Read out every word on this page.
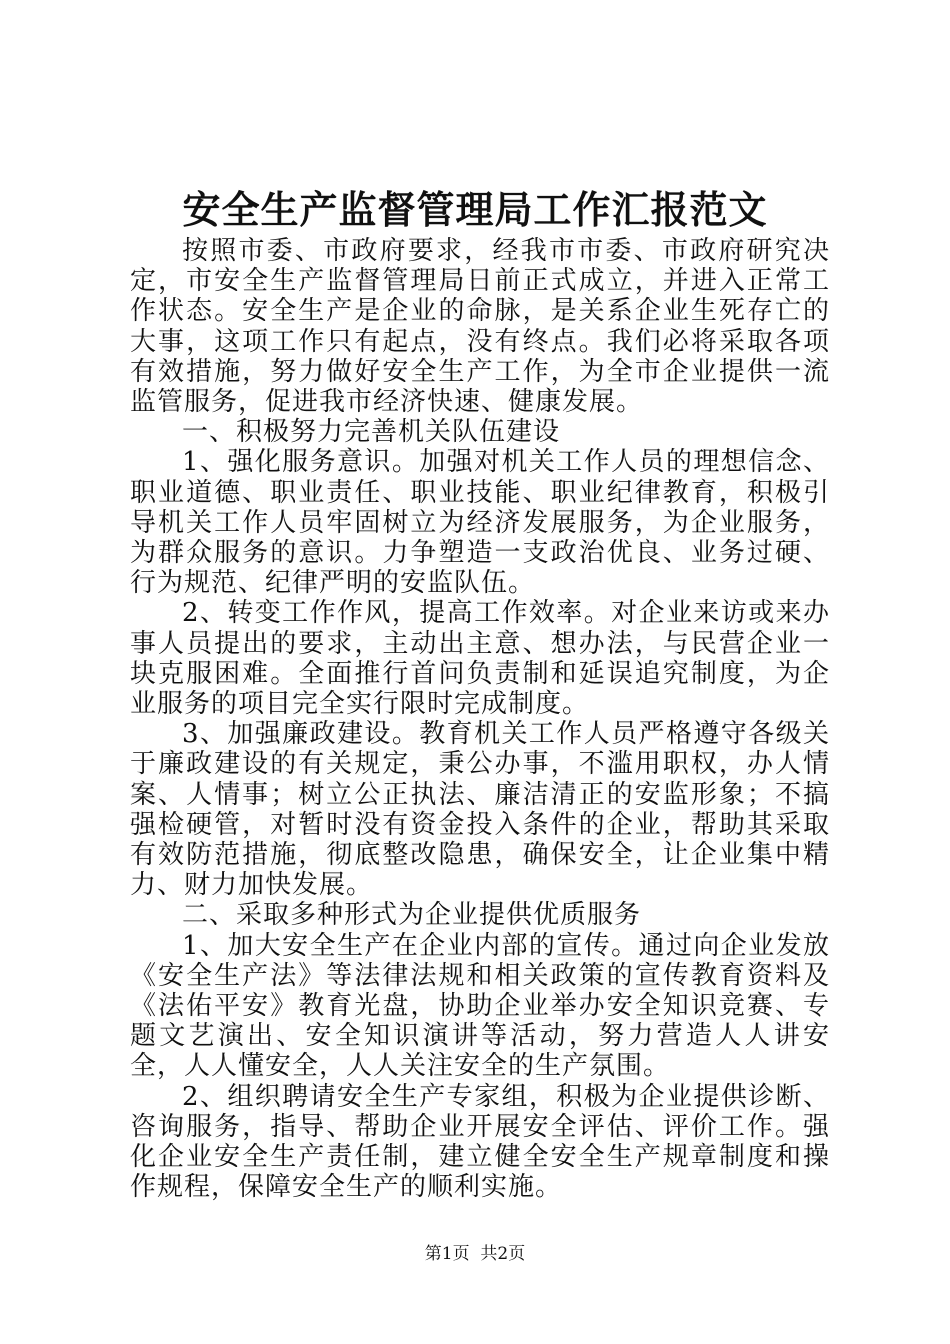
安全生产监督管理局工作汇报范文

按照市委、市政府要求，经我市市委、市政府研究决定，市安全生产监督管理局日前正式成立，并进入正常工作状态。安全生产是企业的命脉，是关系企业生死存亡的大事，这项工作只有起点，没有终点。我们必将采取各项有效措施，努力做好安全生产工作，为全市企业提供一流监管服务，促进我市经济快速、健康发展。

一、积极努力完善机关队伍建设

1、强化服务意识。加强对机关工作人员的理想信念、职业道德、职业责任、职业技能、职业纪律教育，积极引导机关工作人员牢固树立为经济发展服务，为企业服务，为群众服务的意识。力争塑造一支政治优良、业务过硬、行为规范、纪律严明的安监队伍。

2、转变工作作风，提高工作效率。对企业来访或来办事人员提出的要求，主动出主意、想办法，与民营企业一块克服困难。全面推行首问负责制和延误追究制度，为企业服务的项目完全实行限时完成制度。

3、加强廉政建设。教育机关工作人员严格遵守各级关于廉政建设的有关规定，秉公办事，不滥用职权，办人情案、人情事；树立公正执法、廉洁清正的安监形象；不搞强检硬管，对暂时没有资金投入条件的企业，帮助其采取有效防范措施，彻底整改隐患，确保安全，让企业集中精力、财力加快发展。

二、采取多种形式为企业提供优质服务

1、加大安全生产在企业内部的宣传。通过向企业发放《安全生产法》等法律法规和相关政策的宣传教育资料及《法佑平安》教育光盘，协助企业举办安全知识竞赛、专题文艺演出、安全知识演讲等活动，努力营造人人讲安全，人人懂安全，人人关注安全的生产氛围。

2、组织聘请安全生产专家组，积极为企业提供诊断、咨询服务，指导、帮助企业开展安全评估、评价工作。强化企业安全生产责任制，建立健全安全生产规章制度和操作规程，保障安全生产的顺利实施。

第1页  共2页
